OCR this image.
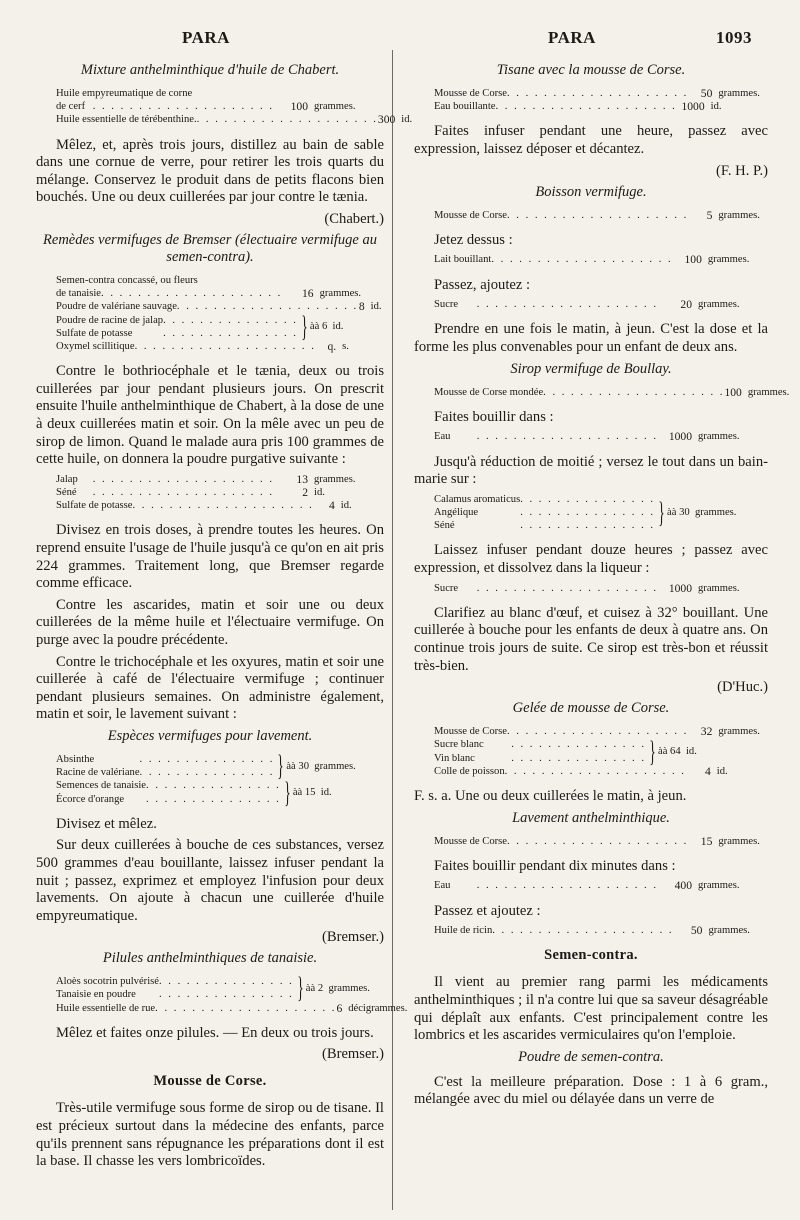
PARA	PARA	1093
Mixture anthelminthique d'huile de Chabert.
Huile empyreumatique de corne
de cerf . . . . . . . . . . . . . . . . . . . .	100 grammes.
Huile essentielle de térébenthine. . . . . . . . . . . . . . . . . . . . . 300 id.

Mêlez, et, après trois jours, distillez au bain de sable dans une cornue de verre, pour retirer les trois quarts du mélange. Conservez le produit dans de petits flacons bien bouchés. Une ou deux cuillerées par jour contre le tænia.

(Chabert.)
Remèdes vermifuges de Bremser (électuaire vermifuge au semen-contra).
Semen-contra concassé, ou fleurs
de tanaisie . . . . . . . . . . . . . . . . . . . .	16 grammes.
Poudre de valériane sauvage . . . . . . . . . . . . . . . . . . . . 8 id.
Poudre de racine de jalap . . . . . . . . . . . . . . .
Sulfate de potasse	. . . . . . . . . . . . . . . } àà 6  id.
Oxymel scillitique . . . . . . . . . . . . . . . . . . . .	q. s.

Contre le bothriocéphale et le tænia, deux ou trois cuillerées par jour pendant plusieurs jours. On prescrit ensuite l'huile anthelminthique de Chabert, à la dose de une à deux cuillerées matin et soir. On la mêle avec un peu de sirop de limon. Quand le malade aura pris 100 grammes de cette huile, on donnera la poudre purgative suivante :

Jalap	. . . . . . . . . . . . . . . . . . . .	13 grammes.
Séné	. . . . . . . . . . . . . . . . . . . .	2 id.
Sulfate de potasse . . . . . . . . . . . . . . . . . . . .	4 id.

Divisez en trois doses, à prendre toutes les heures. On reprend ensuite l'usage de l'huile jusqu'à ce qu'on en ait pris 224 grammes. Traitement long, que Bremser regarde comme efficace.

Contre les ascarides, matin et soir une ou deux cuillerées de la même huile et l'électuaire vermifuge. On purge avec la poudre précédente.

Contre le trichocéphale et les oxyures, matin et soir une cuillerée à café de l'électuaire vermifuge ; continuer pendant plusieurs semaines. On administre également, matin et soir, le lavement suivant :

Espèces vermifuges pour lavement.
Absinthe	. . . . . . . . . . . . . . .
Racine de valériane . . . . . . . . . . . . . . . } àà 30  grammes.
Semences de tanaisie . . . . . . . . . . . . . . .
Écorce d'orange	. . . . . . . . . . . . . . . } àà 15  id.

Divisez et mêlez.

Sur deux cuillerées à bouche de ces substances, versez 500 grammes d'eau bouillante, laissez infuser pendant la nuit ; passez, exprimez et employez l'infusion pour deux lavements. On ajoute à chacun une cuillerée d'huile empyreumatique.

(Bremser.)
Pilules anthelminthiques de tanaisie.
Aloès socotrin pulvérisé . . . . . . . . . . . . . . .
Tanaisie en poudre	. . . . . . . . . . . . . . . } àà 2  grammes.
Huile essentielle de rue . . . . . . . . . . . . . . . . . . . . 6 décigrammes.

Mêlez et faites onze pilules. — En deux ou trois jours.

(Bremser.)
Mousse de Corse.

Très-utile vermifuge sous forme de sirop ou de tisane. Il est précieux surtout dans la médecine des enfants, parce qu'ils prennent sans répugnance les préparations dont il est la base. Il chasse les vers lombricoïdes.

Tisane avec la mousse de Corse.
Mousse de Corse . . . . . . . . . . . . . . . . . . . .	50 grammes.
Eau bouillante . . . . . . . . . . . . . . . . . . . . 1000 id.

Faites infuser pendant une heure, passez avec expression, laissez déposer et décantez.

(F. H. P.)
Boisson vermifuge.
Mousse de Corse . . . . . . . . . . . . . . . . . . . .	5 grammes.

Jetez dessus :

Lait bouillant . . . . . . . . . . . . . . . . . . . .	100 grammes.

Passez, ajoutez :

Sucre	. . . . . . . . . . . . . . . . . . . .	20 grammes.

Prendre en une fois le matin, à jeun. C'est la dose et la forme les plus convenables pour un enfant de deux ans.

Sirop vermifuge de Boullay.
Mousse de Corse mondée . . . . . . . . . . . . . . . . . . . . 100 grammes.

Faites bouillir dans :

Eau	. . . . . . . . . . . . . . . . . . . . 1000 grammes.

Jusqu'à réduction de moitié ; versez le tout dans un bain-marie sur :

Calamus aromaticus . . . . . . . . . . . . . . .
Angélique	. . . . . . . . . . . . . . .
Séné	. . . . . . . . . . . . . . . } àà 30  grammes.

Laissez infuser pendant douze heures ; passez avec expression, et dissolvez dans la liqueur :

Sucre	. . . . . . . . . . . . . . . . . . . . 1000 grammes.

Clarifiez au blanc d'œuf, et cuisez à 32° bouillant. Une cuillerée à bouche pour les enfants de deux à quatre ans. On continue trois jours de suite. Ce sirop est très-bon et réussit très-bien.

(D'Huc.)
Gelée de mousse de Corse.
Mousse de Corse . . . . . . . . . . . . . . . . . . . .	32 grammes.
Sucre blanc	. . . . . . . . . . . . . . .
Vin blanc	. . . . . . . . . . . . . . . } àà 64  id.
Colle de poisson . . . . . . . . . . . . . . . . . . . .	4 id.

F. s. a. Une ou deux cuillerées le matin, à jeun.

Lavement anthelminthique.
Mousse de Corse . . . . . . . . . . . . . . . . . . . .	15 grammes.

Faites bouillir pendant dix minutes dans :

Eau	. . . . . . . . . . . . . . . . . . . .	400 grammes.

Passez et ajoutez :

Huile de ricin . . . . . . . . . . . . . . . . . . . .	50 grammes.
Semen-contra.

Il vient au premier rang parmi les médicaments anthelminthiques ; il n'a contre lui que sa saveur désagréable qui déplaît aux enfants. C'est principalement contre les lombrics et les ascarides vermiculaires qu'on l'emploie.

Poudre de semen-contra.

C'est la meilleure préparation. Dose : 1 à 6 gram., mélangée avec du miel ou délayée dans un verre de
